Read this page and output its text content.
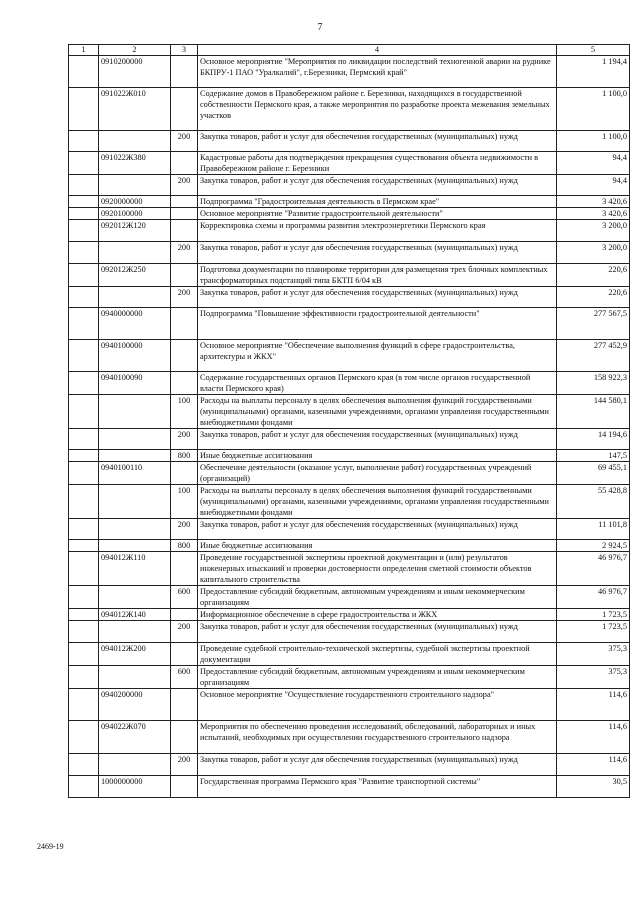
7
1	2	3	4	5
	0910200000		Основное мероприятие "Мероприятия по ликвидации последствий техногенной аварии на руднике БКПРУ-1 ПАО "Уралкалий", г.Березники, Пермский край"	1 194,4
	091022Ж010		Содержание домов в Правобережном районе г. Березники, находящихся в государственной собственности Пермского края, а также мероприятия по разработке проекта межевания земельных участков	1 100,0
		200	Закупка товаров, работ и услуг для обеспечения государственных (муниципальных) нужд	1 100,0
	091022Ж380		Кадастровые работы для подтверждения прекращения существования объекта недвижимости в Правобережном районе г. Березники	94,4
		200	Закупка товаров, работ и услуг для обеспечения государственных (муниципальных) нужд	94,4
	0920000000		Подпрограмма "Градостроительная деятельность в Пермском крае"	3 420,6
	0920100000		Основное мероприятие "Развитие градостроительной деятельности"	3 420,6
	092012Ж120		Корректировка схемы и программы развития электроэнергетики Пермского края	3 200,0
		200	Закупка товаров, работ и услуг для обеспечения государственных (муниципальных) нужд	3 200,0
	092012Ж250		Подготовка документации по планировке территории для размещения трех блочных комплектных трансформаторных подстанций типа БКТП 6/04 кВ	220,6
		200	Закупка товаров, работ и услуг для обеспечения государственных (муниципальных) нужд	220,6
	0940000000		Подпрограмма "Повышение эффективности градостроительной деятельности"	277 567,5
	0940100000		Основное мероприятие "Обеспечение выполнения функций в сфере градостроительства, архитектуры и ЖКХ"	277 452,9
	0940100090		Содержание государственных органов Пермского края (в том числе органов государственной власти Пермского края)	158 922,3
		100	Расходы на выплаты персоналу в целях обеспечения выполнения функций государственными (муниципальными) органами, казенными учреждениями, органами управления государственными внебюджетными фондами	144 580,1
		200	Закупка товаров, работ и услуг для обеспечения государственных (муниципальных) нужд	14 194,6
		800	Иные бюджетные ассигнования	147,5
	0940100110		Обеспечение деятельности (оказание услуг, выполнение работ) государственных учреждений (организаций)	69 455,1
		100	Расходы на выплаты персоналу в целях обеспечения выполнения функций государственными (муниципальными) органами, казенными учреждениями, органами управления государственными внебюджетными фондами	55 428,8
		200	Закупка товаров, работ и услуг для обеспечения государственных (муниципальных) нужд	11 101,8
		800	Иные бюджетные ассигнования	2 924,5
	094012Ж110		Проведение государственной экспертизы проектной документации и (или) результатов инженерных изысканий и проверки достоверности определения сметной стоимости объектов капитального строительства	46 976,7
		600	Предоставление субсидий бюджетным, автономным учреждениям и иным некоммерческим организациям	46 976,7
	094012Ж140		Информационное обеспечение в сфере градостроительства и ЖКХ	1 723,5
		200	Закупка товаров, работ и услуг для обеспечения государственных (муниципальных) нужд	1 723,5
	094012Ж200		Проведение судебной строительно-технической экспертизы, судебной экспертизы проектной документации	375,3
		600	Предоставление субсидий бюджетным, автономным учреждениям и иным некоммерческим организациям	375,3
	0940200000		Основное мероприятие "Осуществление государственного строительного надзора"	114,6
	094022Ж070		Мероприятия по обеспечению проведения исследований, обследований, лабораторных и иных испытаний, необходимых при осуществлении государственного строительного надзора	114,6
		200	Закупка товаров, работ и услуг для обеспечения государственных (муниципальных) нужд	114,6
	1000000000		Государственная программа Пермского края "Развитие транспортной системы"	30,5
2469-19
